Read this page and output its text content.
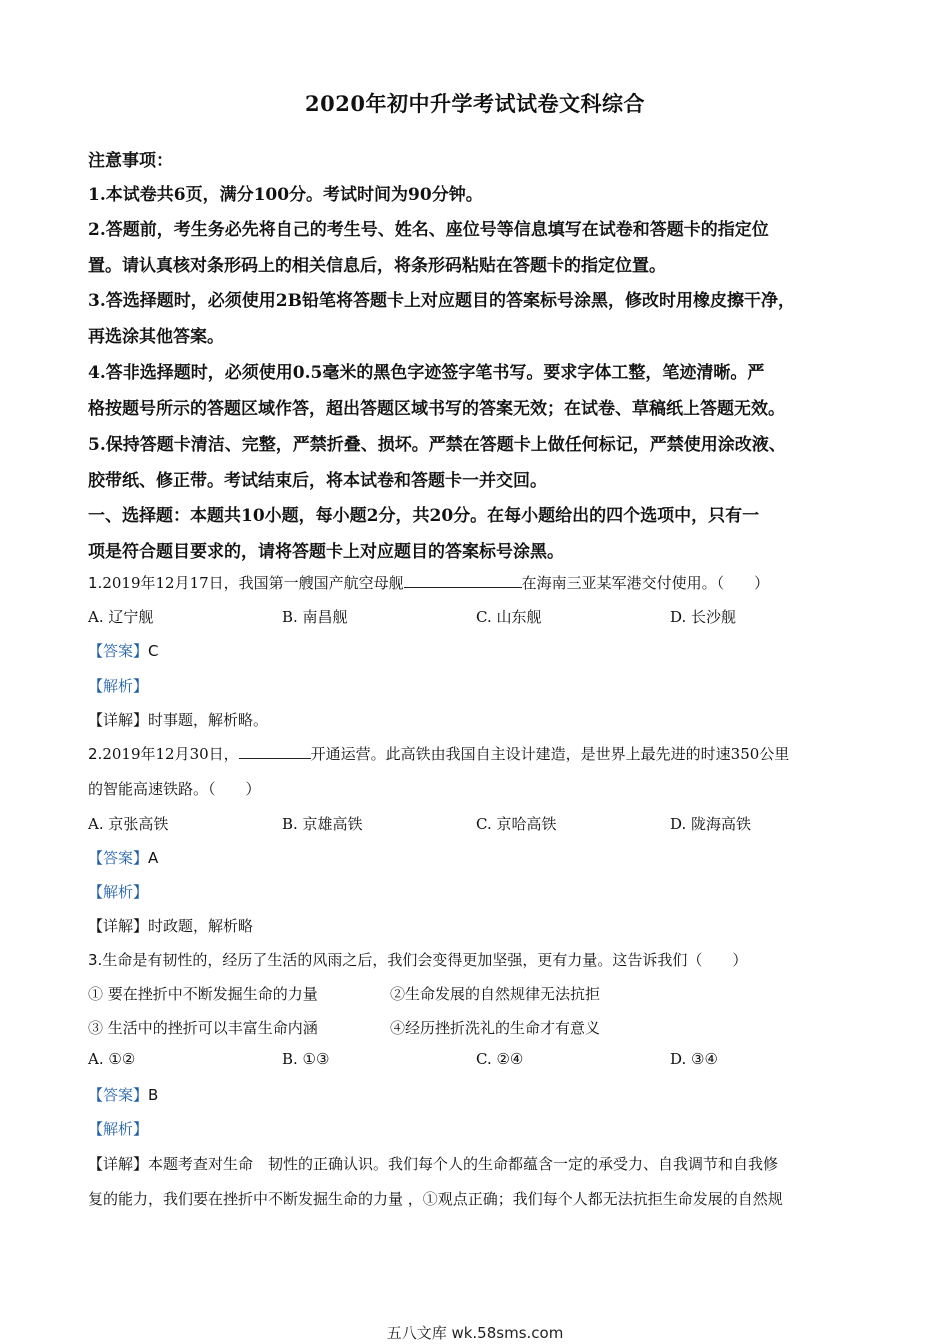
2020年初中升学考试试卷文科综合
注意事项：
1.本试卷共6页，满分100分。考试时间为90分钟。
2.答题前，考生务必先将自己的考生号、姓名、座位号等信息填写在试卷和答题卡的指定位
置。请认真核对条形码上的相关信息后，将条形码粘贴在答题卡的指定位置。
3.答选择题时，必须使用2B铅笔将答题卡上对应题目的答案标号涂黑，修改时用橡皮擦干净，
再选涂其他答案。
4.答非选择题时，必须使用0.5毫米的黑色字迹签字笔书写。要求字体工整，笔迹清晰。严
格按题号所示的答题区域作答，超出答题区域书写的答案无效；在试卷、草稿纸上答题无效。
5.保持答题卡清洁、完整，严禁折叠、损坏。严禁在答题卡上做任何标记，严禁使用涂改液、
胶带纸、修正带。考试结束后，将本试卷和答题卡一并交回。
一、选择题：本题共10小题，每小题2分，共20分。在每小题给出的四个选项中，只有一
项是符合题目要求的，请将答题卡上对应题目的答案标号涂黑。
1.2019年12月17日，我国第一艘国产航空母舰	在海南三亚某军港交付使用。（　　）
A. 辽宁舰	B. 南昌舰	C. 山东舰	D. 长沙舰
【答案】C
【解析】
【详解】时事题，解析略。
2.2019年12月30日，	开通运营。此高铁由我国自主设计建造，是世界上最先进的时速350公里
的智能高速铁路。（　　）
A. 京张高铁	B. 京雄高铁	C. 京哈高铁	D. 陇海高铁
【答案】A
【解析】
【详解】时政题，解析略
3.生命是有韧性的，经历了生活的风雨之后，我们会变得更加坚强，更有力量。这告诉我们（　　）
① 要在挫折中不断发掘生命的力量	②生命发展的自然规律无法抗拒
③ 生活中的挫折可以丰富生命内涵	④经历挫折洗礼的生命才有意义
A. ①②	B. ①③	C. ②④	D. ③④
【答案】B
【解析】
【详解】本题考查对生命　韧性的正确认识。我们每个人的生命都蕴含一定的承受力、自我调节和自我修
复的能力，我们要在挫折中不断发掘生命的力量 ，①观点正确；我们每个人都无法抗拒生命发展的自然规
五八文库 wk.58sms.com
